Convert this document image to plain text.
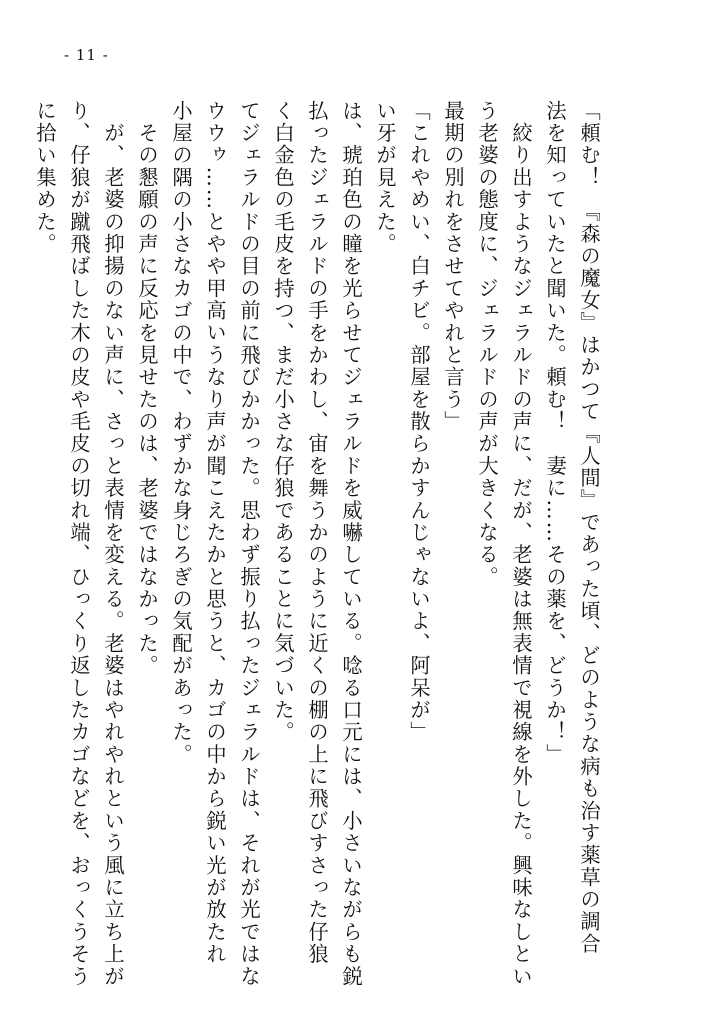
- 11 -

「頼む！　『森の魔女』はかつて『人間』であった頃、どのような病も治す薬草の調合

法を知っていたと聞いた。頼む！　妻に……その薬を、どうか！」

　絞り出すようなジェラルドの声に、だが、老婆は無表情で視線を外した。興味なしとい

う老婆の態度に、ジェラルドの声が大きくなる。

最期の別れをさせてやれと言う」

「これやめい、白チビ。部屋を散らかすんじゃないよ、阿呆が」

い牙が見えた。

は、琥珀色の瞳を光らせてジェラルドを威嚇している。唸る口元には、小さいながらも鋭

払ったジェラルドの手をかわし、宙を舞うかのように近くの棚の上に飛びすさった仔狼

く白金色の毛皮を持つ、まだ小さな仔狼であることに気づいた。

てジェラルドの目の前に飛びかかった。思わず振り払ったジェラルドは、それが光ではな

ウウゥ……とやや甲高いうなり声が聞こえたかと思うと、カゴの中から鋭い光が放たれ

小屋の隅の小さなカゴの中で、わずかな身じろぎの気配があった。

　その懇願の声に反応を見せたのは、老婆ではなかった。

　が、老婆の抑揚のない声に、さっと表情を変える。老婆はやれやれという風に立ち上が

り、仔狼が蹴飛ばした木の皮や毛皮の切れ端、ひっくり返したカゴなどを、おっくうそう

に拾い集めた。
